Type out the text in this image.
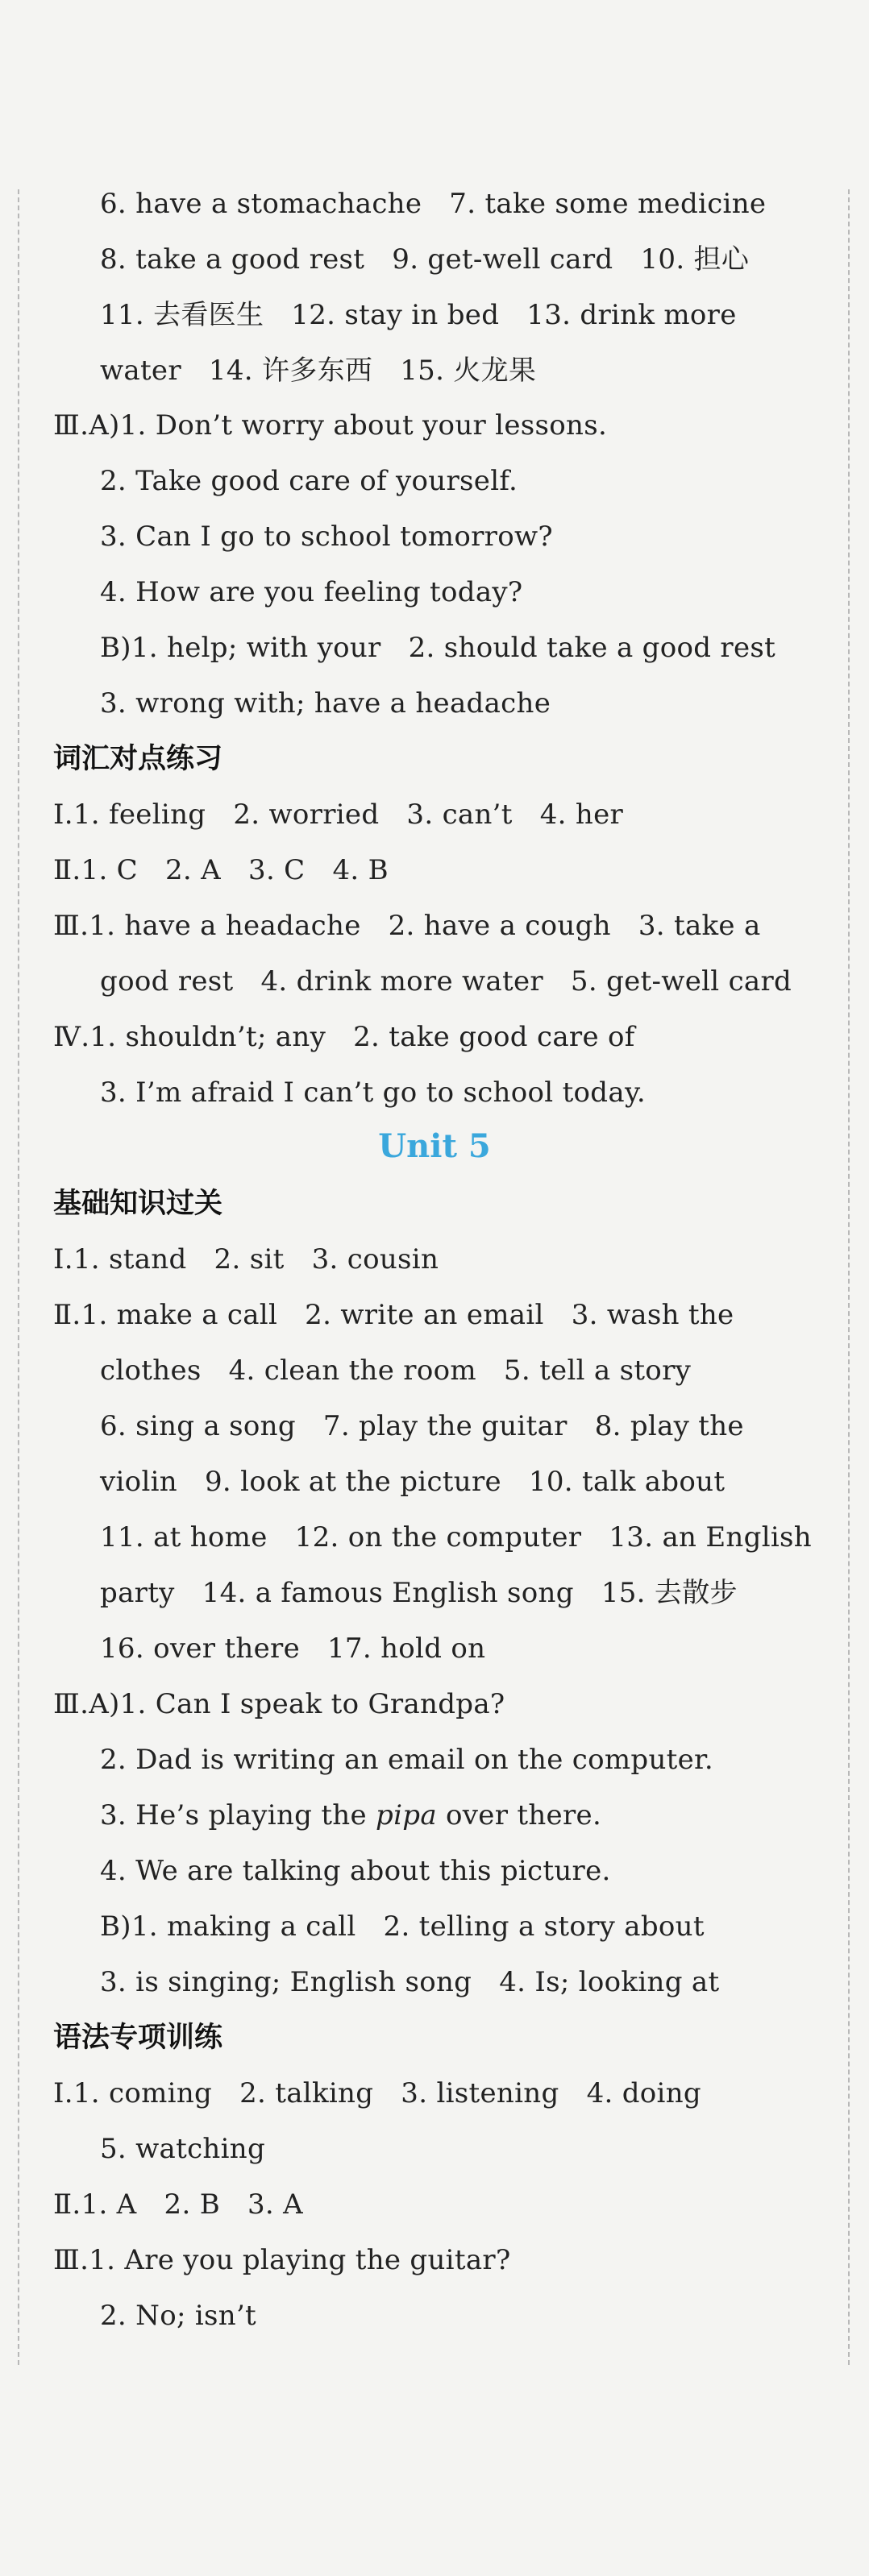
6. have a stomachache 7. take some medicine
8. take a good rest 9. get-well card 10. 担心
11. 去看医生 12. stay in bed 13. drink more
water 14. 许多东西 15. 火龙果
Ⅲ.A)1. Don’t worry about your lessons.
2. Take good care of yourself.
3. Can I go to school tomorrow?
4. How are you feeling today?
B)1. help; with your 2. should take a good rest
3. wrong with; have a headache
词汇对点练习
Ⅰ.1. feeling 2. worried 3. can’t 4. her
Ⅱ.1. C 2. A 3. C 4. B
Ⅲ.1. have a headache 2. have a cough 3. take a
good rest 4. drink more water 5. get-well card
Ⅳ.1. shouldn’t; any 2. take good care of
3. I’m afraid I can’t go to school today.
Unit 5
基础知识过关
Ⅰ.1. stand 2. sit 3. cousin
Ⅱ.1. make a call 2. write an email 3. wash the
clothes 4. clean the room 5. tell a story
6. sing a song 7. play the guitar 8. play the
violin 9. look at the picture 10. talk about
11. at home 12. on the computer 13. an English
party 14. a famous English song 15. 去散步
16. over there 17. hold on
Ⅲ.A)1. Can I speak to Grandpa?
2. Dad is writing an email on the computer.
3. He’s playing the pipa over there.
4. We are talking about this picture.
B)1. making a call 2. telling a story about
3. is singing; English song 4. Is; looking at
语法专项训练
Ⅰ.1. coming 2. talking 3. listening 4. doing
5. watching
Ⅱ.1. A 2. B 3. A
Ⅲ.1. Are you playing the guitar?
2. No; isn’t
